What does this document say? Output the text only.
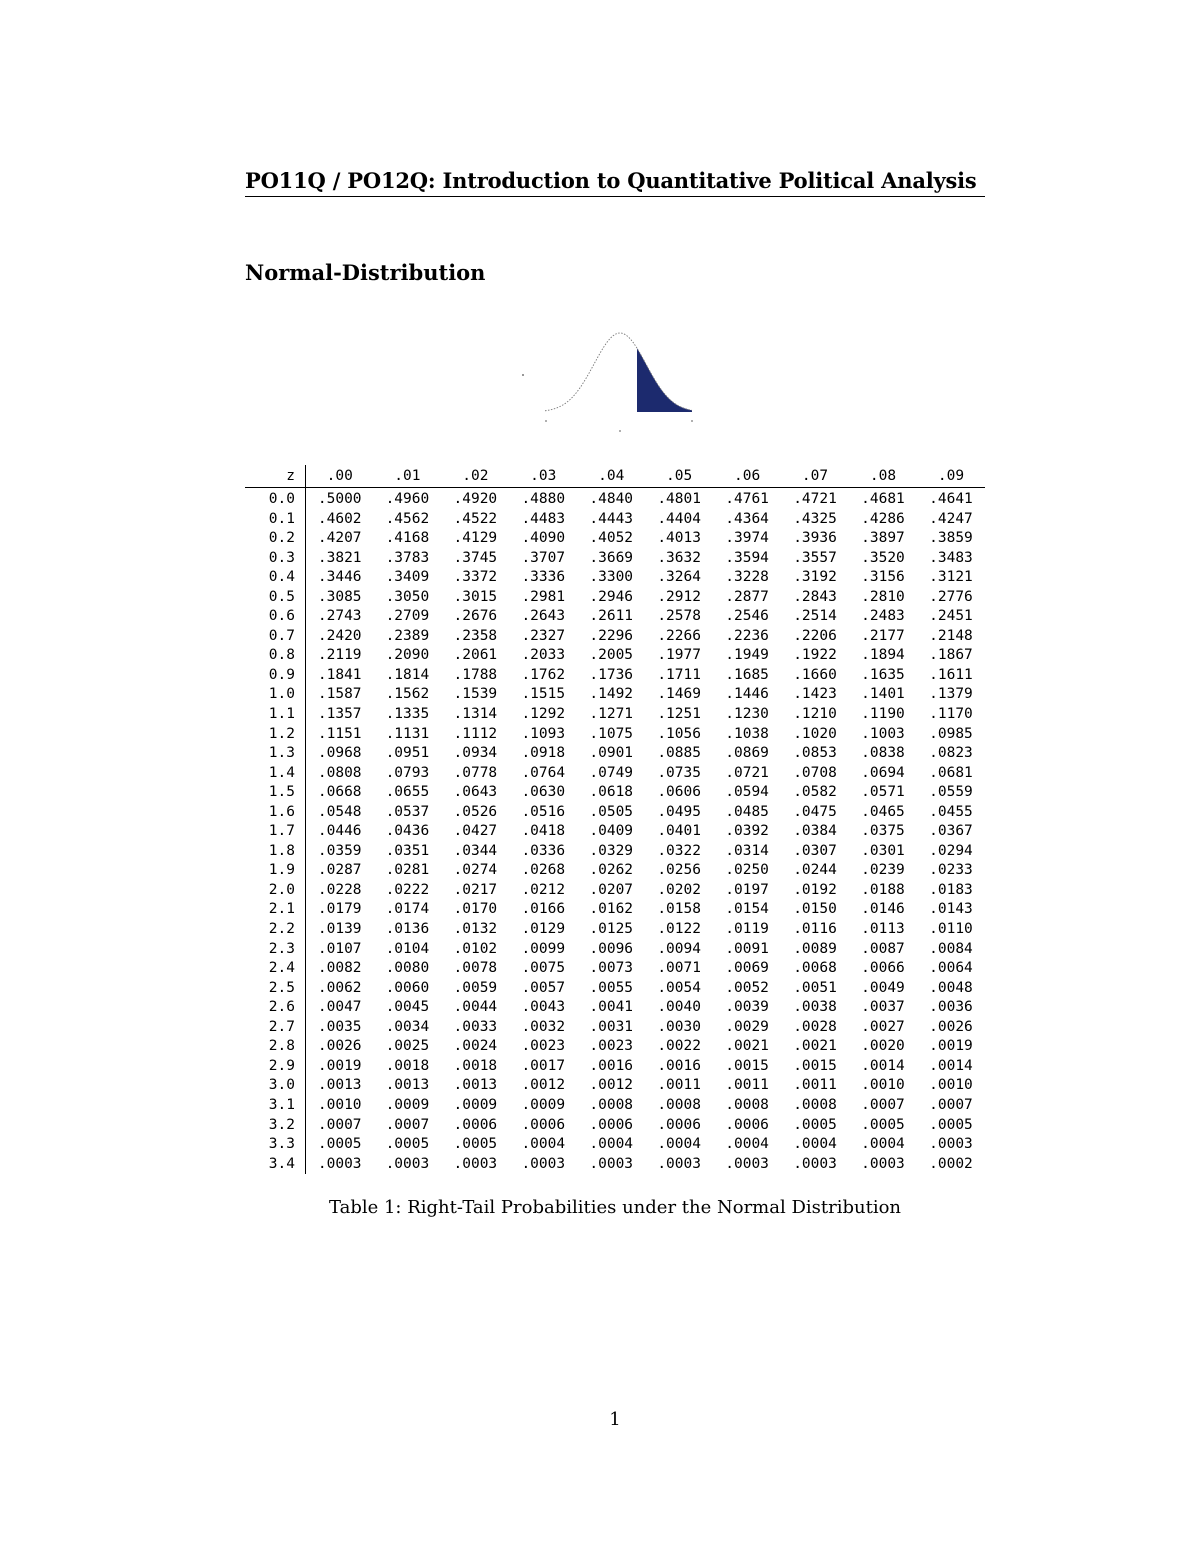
PO11Q / PO12Q: Introduction to Quantitative Political Analysis
Normal-Distribution
z	.00	.01	.02	.03	.04	.05	.06	.07	.08	.09
0.0	.5000	.4960	.4920	.4880	.4840	.4801	.4761	.4721	.4681	.4641
0.1	.4602	.4562	.4522	.4483	.4443	.4404	.4364	.4325	.4286	.4247
0.2	.4207	.4168	.4129	.4090	.4052	.4013	.3974	.3936	.3897	.3859
0.3	.3821	.3783	.3745	.3707	.3669	.3632	.3594	.3557	.3520	.3483
0.4	.3446	.3409	.3372	.3336	.3300	.3264	.3228	.3192	.3156	.3121
0.5	.3085	.3050	.3015	.2981	.2946	.2912	.2877	.2843	.2810	.2776
0.6	.2743	.2709	.2676	.2643	.2611	.2578	.2546	.2514	.2483	.2451
0.7	.2420	.2389	.2358	.2327	.2296	.2266	.2236	.2206	.2177	.2148
0.8	.2119	.2090	.2061	.2033	.2005	.1977	.1949	.1922	.1894	.1867
0.9	.1841	.1814	.1788	.1762	.1736	.1711	.1685	.1660	.1635	.1611
1.0	.1587	.1562	.1539	.1515	.1492	.1469	.1446	.1423	.1401	.1379
1.1	.1357	.1335	.1314	.1292	.1271	.1251	.1230	.1210	.1190	.1170
1.2	.1151	.1131	.1112	.1093	.1075	.1056	.1038	.1020	.1003	.0985
1.3	.0968	.0951	.0934	.0918	.0901	.0885	.0869	.0853	.0838	.0823
1.4	.0808	.0793	.0778	.0764	.0749	.0735	.0721	.0708	.0694	.0681
1.5	.0668	.0655	.0643	.0630	.0618	.0606	.0594	.0582	.0571	.0559
1.6	.0548	.0537	.0526	.0516	.0505	.0495	.0485	.0475	.0465	.0455
1.7	.0446	.0436	.0427	.0418	.0409	.0401	.0392	.0384	.0375	.0367
1.8	.0359	.0351	.0344	.0336	.0329	.0322	.0314	.0307	.0301	.0294
1.9	.0287	.0281	.0274	.0268	.0262	.0256	.0250	.0244	.0239	.0233
2.0	.0228	.0222	.0217	.0212	.0207	.0202	.0197	.0192	.0188	.0183
2.1	.0179	.0174	.0170	.0166	.0162	.0158	.0154	.0150	.0146	.0143
2.2	.0139	.0136	.0132	.0129	.0125	.0122	.0119	.0116	.0113	.0110
2.3	.0107	.0104	.0102	.0099	.0096	.0094	.0091	.0089	.0087	.0084
2.4	.0082	.0080	.0078	.0075	.0073	.0071	.0069	.0068	.0066	.0064
2.5	.0062	.0060	.0059	.0057	.0055	.0054	.0052	.0051	.0049	.0048
2.6	.0047	.0045	.0044	.0043	.0041	.0040	.0039	.0038	.0037	.0036
2.7	.0035	.0034	.0033	.0032	.0031	.0030	.0029	.0028	.0027	.0026
2.8	.0026	.0025	.0024	.0023	.0023	.0022	.0021	.0021	.0020	.0019
2.9	.0019	.0018	.0018	.0017	.0016	.0016	.0015	.0015	.0014	.0014
3.0	.0013	.0013	.0013	.0012	.0012	.0011	.0011	.0011	.0010	.0010
3.1	.0010	.0009	.0009	.0009	.0008	.0008	.0008	.0008	.0007	.0007
3.2	.0007	.0007	.0006	.0006	.0006	.0006	.0006	.0005	.0005	.0005
3.3	.0005	.0005	.0005	.0004	.0004	.0004	.0004	.0004	.0004	.0003
3.4	.0003	.0003	.0003	.0003	.0003	.0003	.0003	.0003	.0003	.0002
Table 1: Right-Tail Probabilities under the Normal Distribution
1
